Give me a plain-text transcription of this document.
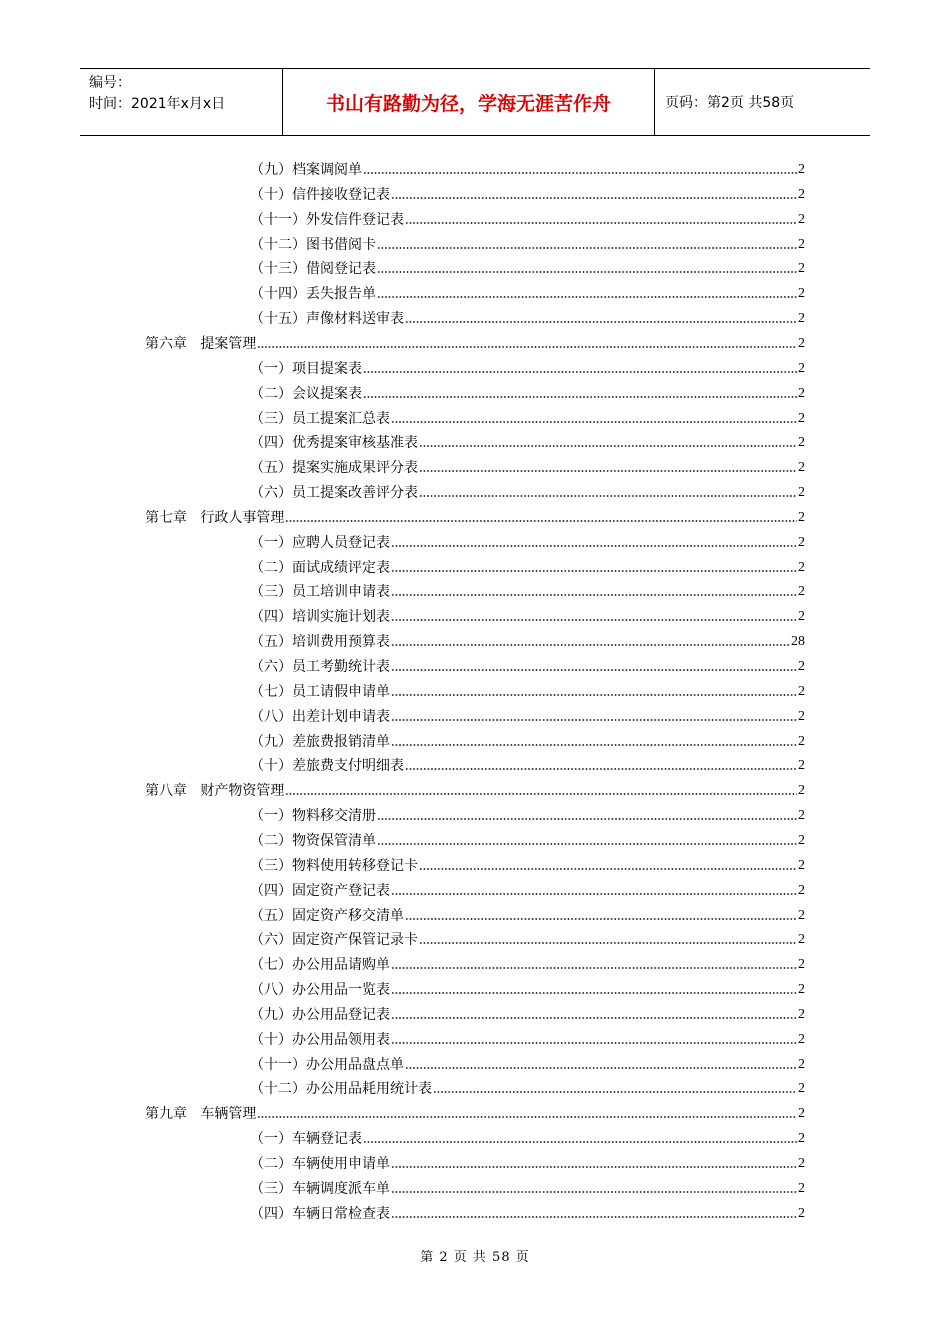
编号：
时间：2021年x月x日	书山有路勤为径，学海无涯苦作舟	页码：第2页 共58页
（九）档案调阅单	2
（十）信件接收登记表	2
（十一）外发信件登记表	2
（十二）图书借阅卡	2
（十三）借阅登记表	2
（十四）丢失报告单	2
（十五）声像材料送审表	2
第六章   提案管理	2
（一）项目提案表	2
（二）会议提案表	2
（三）员工提案汇总表	2
（四）优秀提案审核基准表	2
（五）提案实施成果评分表	2
（六）员工提案改善评分表	2
第七章   行政人事管理	2
（一）应聘人员登记表	2
（二）面试成绩评定表	2
（三）员工培训申请表	2
（四）培训实施计划表	2
（五）培训费用预算表	28
（六）员工考勤统计表	2
（七）员工请假申请单	2
（八）出差计划申请表	2
（九）差旅费报销清单	2
（十）差旅费支付明细表	2
第八章   财产物资管理	2
（一）物料移交清册	2
（二）物资保管清单	2
（三）物料使用转移登记卡	2
（四）固定资产登记表	2
（五）固定资产移交清单	2
（六）固定资产保管记录卡	2
（七）办公用品请购单	2
（八）办公用品一览表	2
（九）办公用品登记表	2
（十）办公用品领用表	2
（十一）办公用品盘点单	2
（十二）办公用品耗用统计表	2
第九章   车辆管理	2
（一）车辆登记表	2
（二）车辆使用申请单	2
（三）车辆调度派车单	2
（四）车辆日常检查表	2
第 2 页 共 58 页
